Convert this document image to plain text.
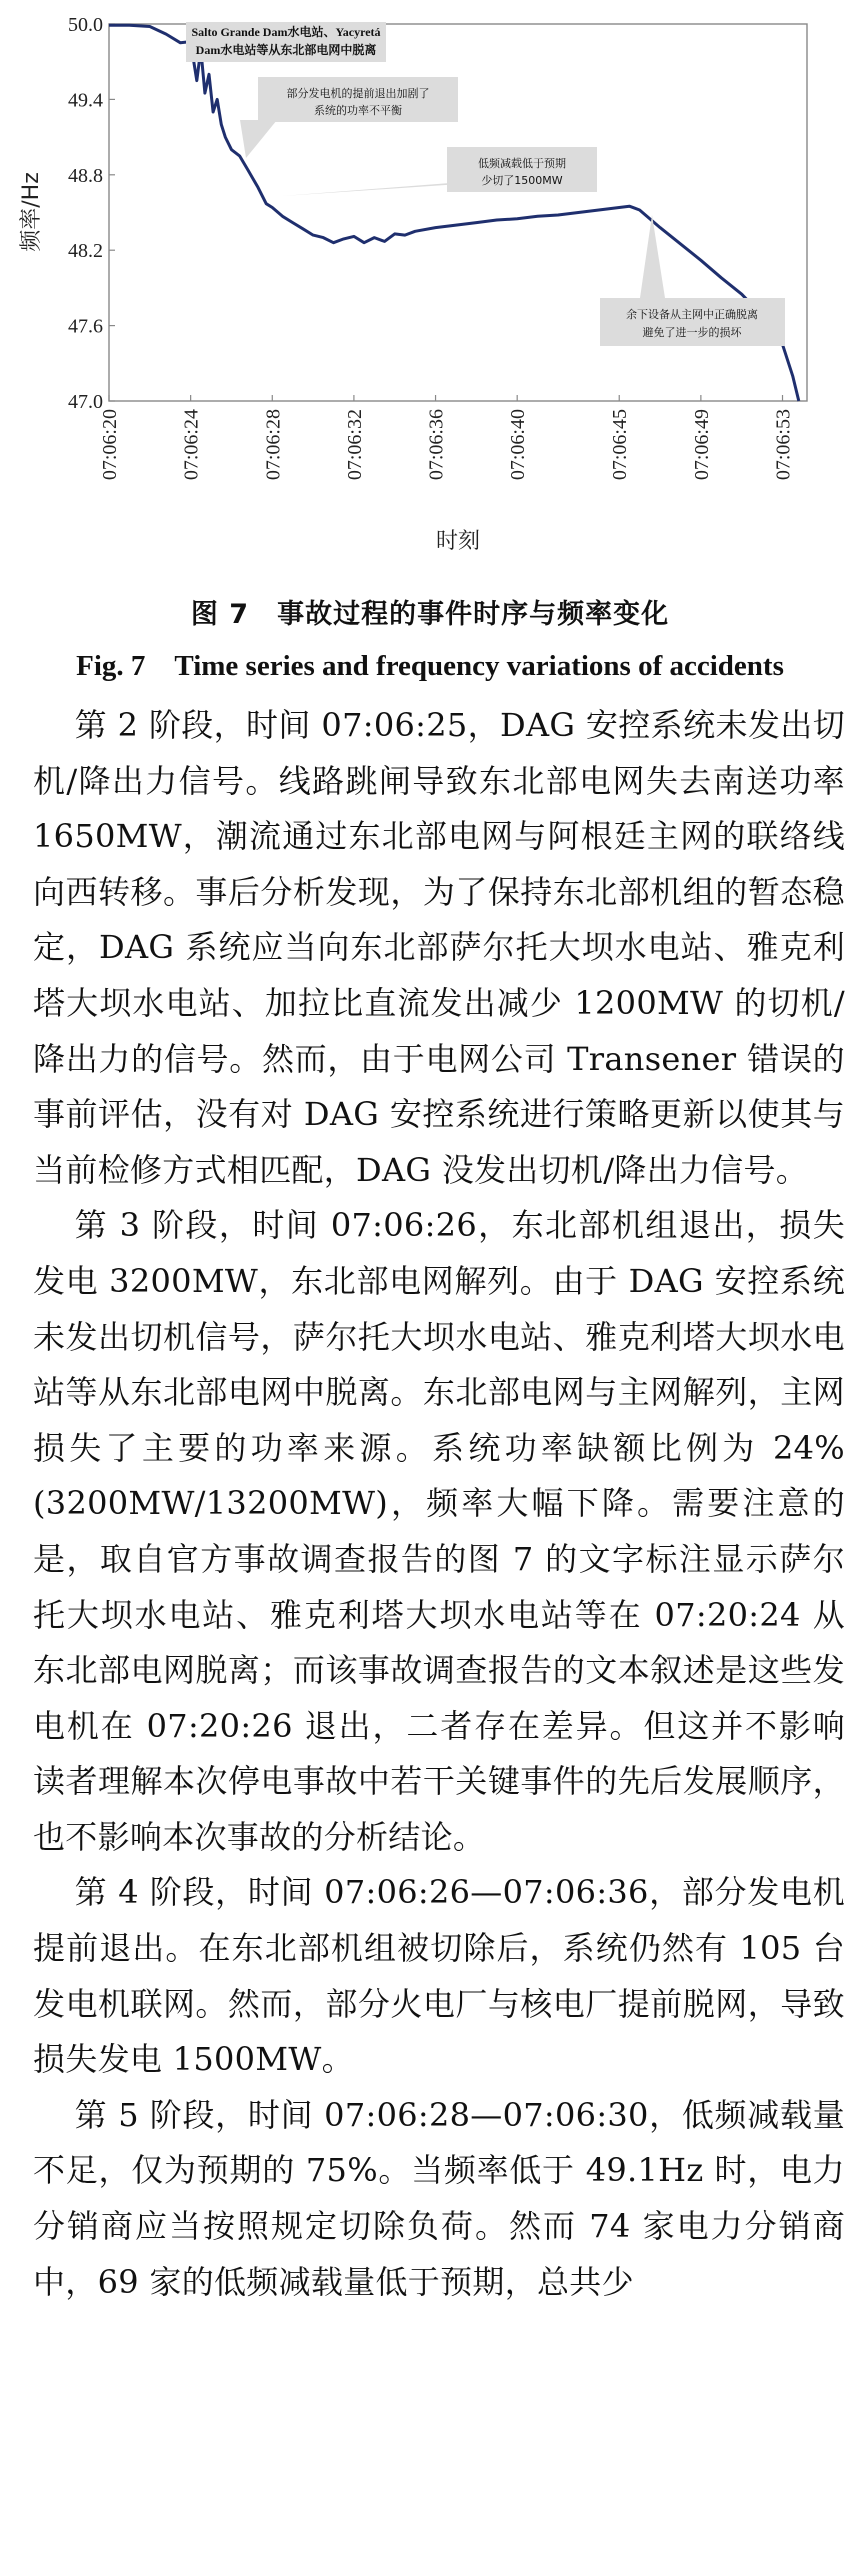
50.0
49.4
48.8
48.2
47.6
47.0
07:06:20	07:06:24	07:06:28	07:06:32	07:06:36	07:06:40	07:06:45	07:06:49	07:06:53
频率/Hz
时刻
Salto Grande Dam水电站、Yacyretá
Dam水电站等从东北部电网中脱离
部分发电机的提前退出加剧了
系统的功率不平衡
低频减载低于预期
少切了1500MW
余下设备从主网中正确脱离
避免了进一步的损坏
图 7　事故过程的事件时序与频率变化
Fig. 7　Time series and frequency variations of accidents

第 2 阶段，时间 07:06:25，DAG 安控系统未发出切机/降出力信号。线路跳闸导致东北部电网失去南送功率 1650MW，潮流通过东北部电网与阿根廷主网的联络线向西转移。事后分析发现，为了保持东北部机组的暂态稳定，DAG 系统应当向东北部萨尔托大坝水电站、雅克利塔大坝水电站、加拉比直流发出减少 1200MW 的切机/降出力的信号。然而，由于电网公司 Transener 错误的事前评估，没有对 DAG 安控系统进行策略更新以使其与当前检修方式相匹配，DAG 没发出切机/降出力信号。

第 3 阶段，时间 07:06:26，东北部机组退出，损失发电 3200MW，东北部电网解列。由于 DAG 安控系统未发出切机信号，萨尔托大坝水电站、雅克利塔大坝水电站等从东北部电网中脱离。东北部电网与主网解列，主网损失了主要的功率来源。系统功率缺额比例为 24%(3200MW/13200MW)，频率大幅下降。需要注意的是，取自官方事故调查报告的图 7 的文字标注显示萨尔托大坝水电站、雅克利塔大坝水电站等在 07:20:24 从东北部电网脱离；而该事故调查报告的文本叙述是这些发电机在 07:20:26 退出，二者存在差异。但这并不影响读者理解本次停电事故中若干关键事件的先后发展顺序，也不影响本次事故的分析结论。

第 4 阶段，时间 07:06:26—07:06:36，部分发电机提前退出。在东北部机组被切除后，系统仍然有 105 台发电机联网。然而，部分火电厂与核电厂提前脱网，导致损失发电 1500MW。

第 5 阶段，时间 07:06:28—07:06:30，低频减载量不足，仅为预期的 75%。当频率低于 49.1Hz 时，电力分销商应当按照规定切除负荷。然而 74 家电力分销商中，69 家的低频减载量低于预期，总共少
